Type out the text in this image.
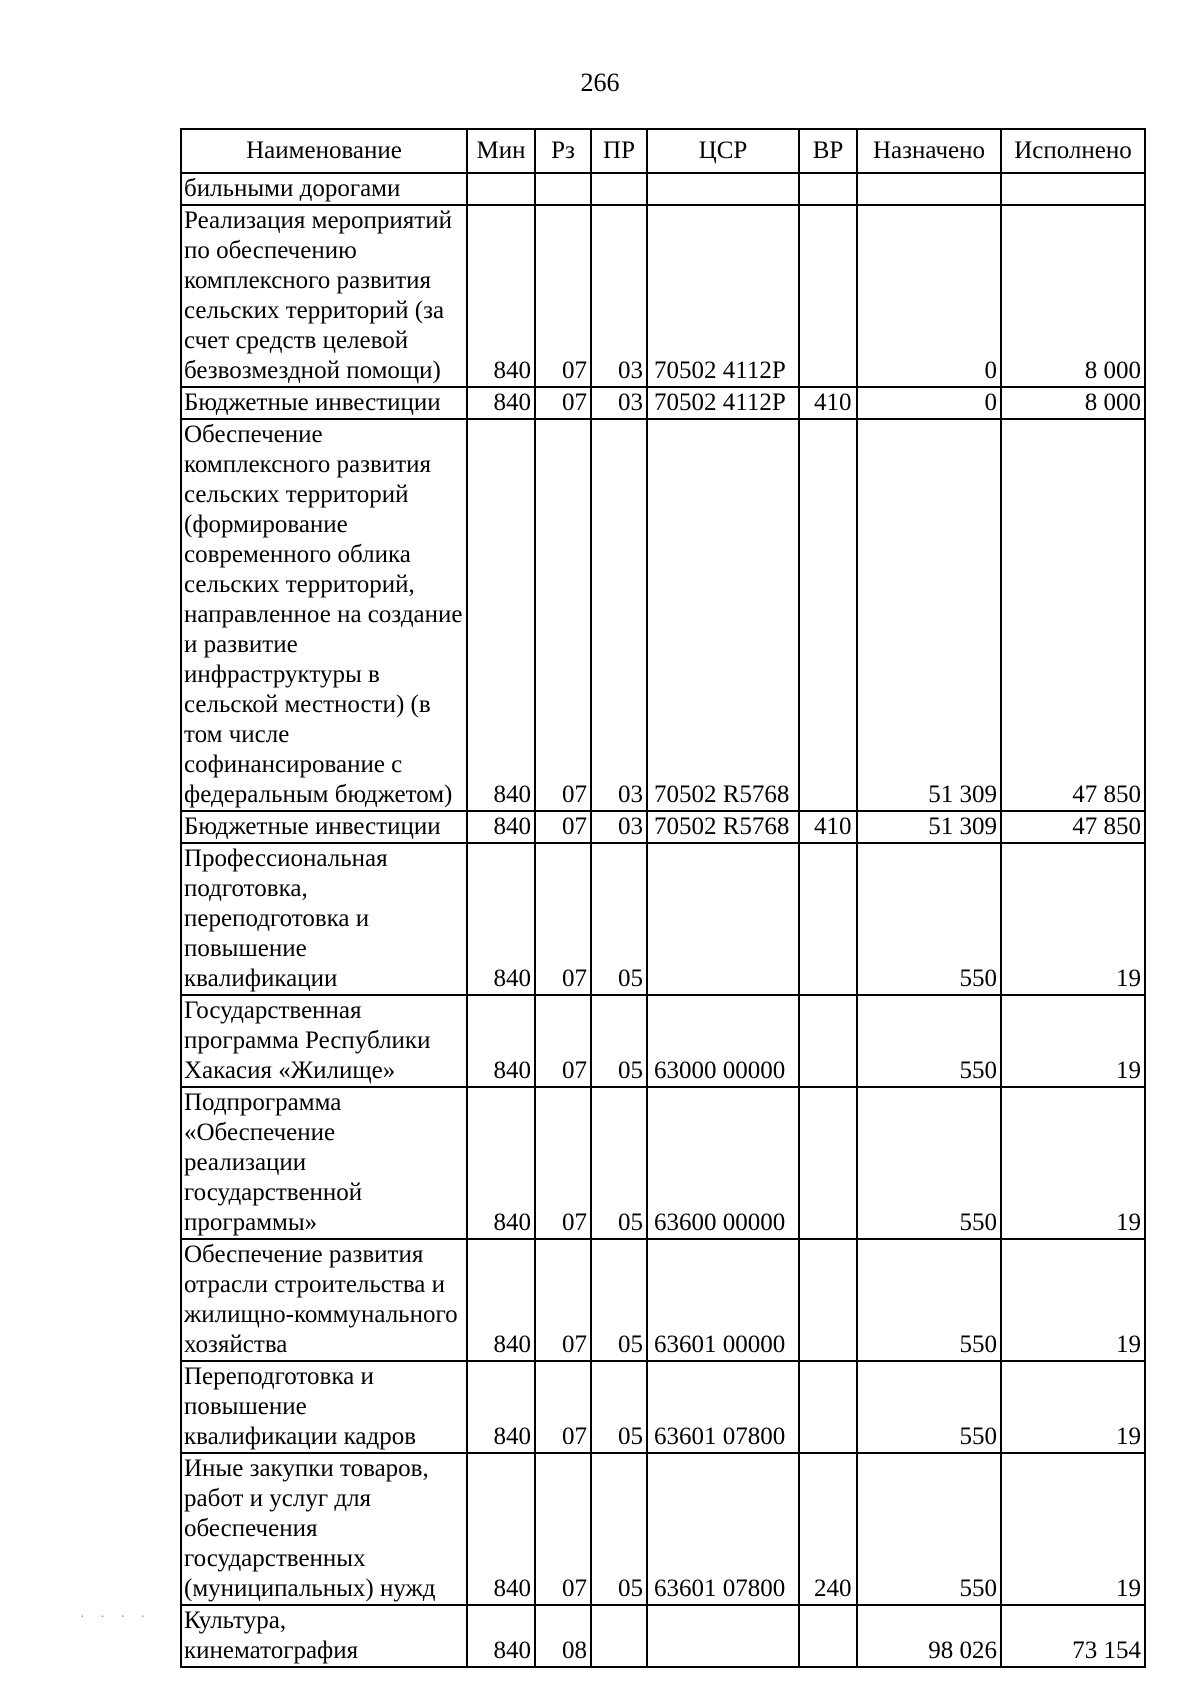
266
Наименование	Мин	Рз	ПР	ЦСР	ВР	Назначено	Исполнено
бильными дорогами							
Реализация мероприятий по обеспечению комплексного развития сельских территорий (за счет средств целевой безвозмездной помощи)	840	07	03	70502 4112P		0	8 000
Бюджетные инвестиции	840	07	03	70502 4112P	410	0	8 000
Обеспечение комплексного развития сельских территорий (формирование современного облика сельских территорий, направленное на создание и развитие инфраструктуры в сельской местности) (в том числе софинансирование с федеральным бюджетом)	840	07	03	70502 R5768		51 309	47 850
Бюджетные инвестиции	840	07	03	70502 R5768	410	51 309	47 850
Профессиональная подготовка, переподготовка и повышение квалификации	840	07	05			550	19
Государственная программа Республики Хакасия «Жилище»	840	07	05	63000 00000		550	19
Подпрограмма «Обеспечение реализации государственной программы»	840	07	05	63600 00000		550	19
Обеспечение развития отрасли строительства и жилищно-коммунального хозяйства	840	07	05	63601 00000		550	19
Переподготовка и повышение квалификации кадров	840	07	05	63601 07800		550	19
Иные закупки товаров, работ и услуг для обеспечения государственных (муниципальных) нужд	840	07	05	63601 07800	240	550	19
Культура, кинематография	840	08				98 026	73 154
· · · ·
